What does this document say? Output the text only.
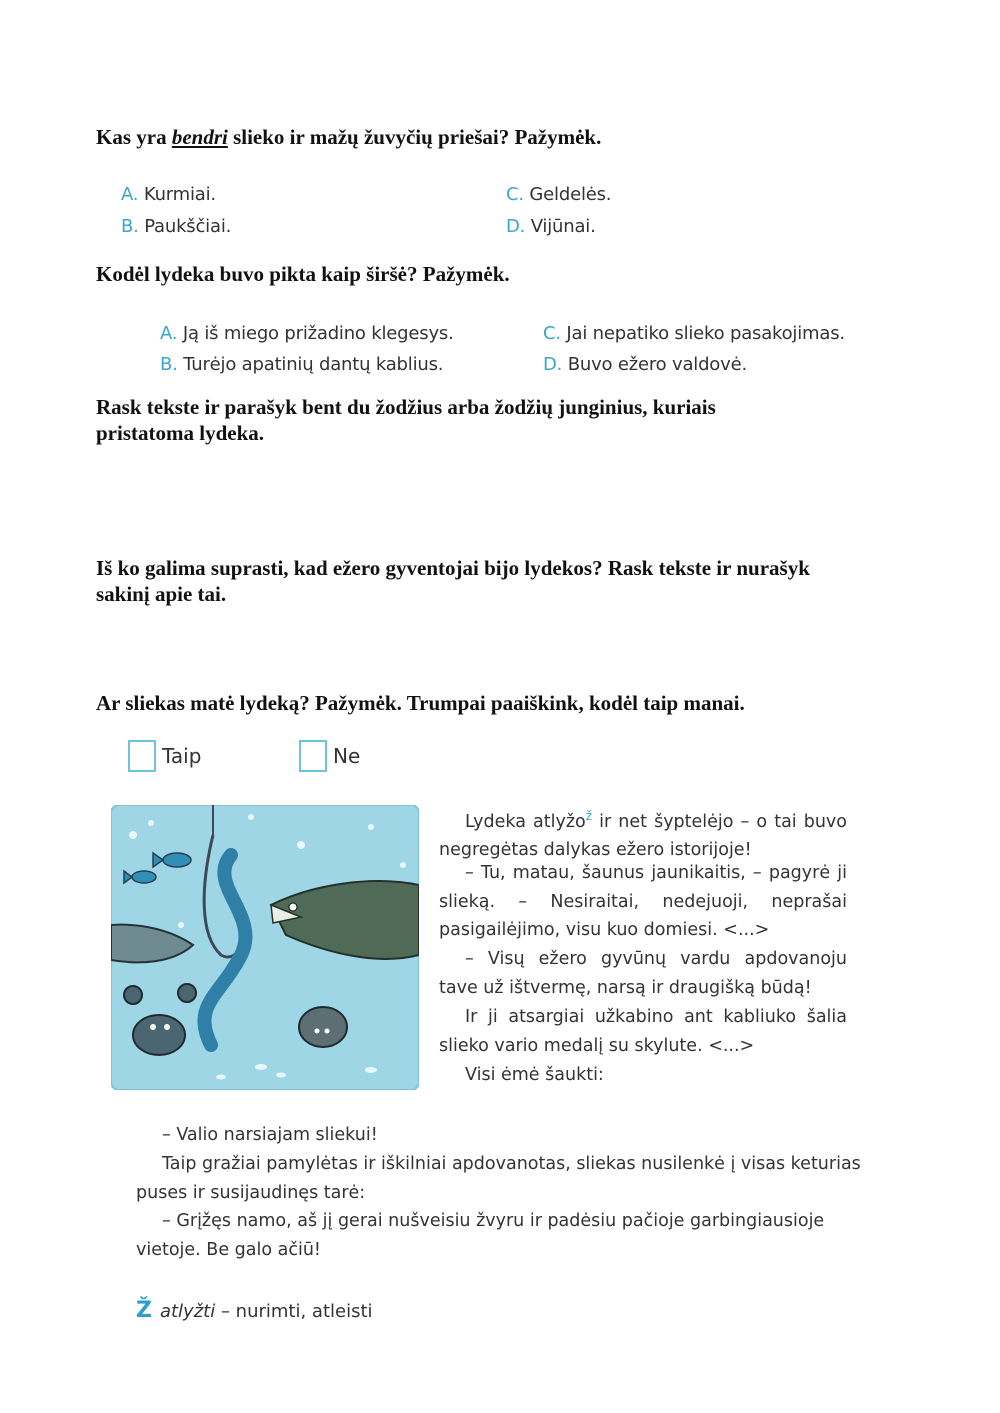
Kas yra bendri slieko ir mažų žuvyčių priešai? Pažymėk.

A. Kurmiai.
B. Paukščiai.
C. Geldelės.
D. Vijūnai.

Kodėl lydeka buvo pikta kaip širšė? Pažymėk.

A. Ją iš miego prižadino klegesys.
B. Turėjo apatinių dantų kablius.
C. Jai nepatiko slieko pasakojimas.
D. Buvo ežero valdovė.

Rask tekste ir parašyk bent du žodžius arba žodžių junginius, kuriais
pristatoma lydeka.

Iš ko galima suprasti, kad ežero gyventojai bijo lydekos? Rask tekste ir nurašyk
sakinį apie tai.

Ar sliekas matė lydeką? Pažymėk. Trumpai paaiškink, kodėl taip manai.

Taip	Ne
Lydeka atlyžo$^ž$ ir net šyptelėjo – o tai buvo negregėtas dalykas ežero istorijoje!

– Tu, matau, šaunus jaunikaitis, – pagyrė ji slieką. – Nesiraitai, nedejuoji, neprašai pasigailėjimo, visu kuo domiesi. <...>

– Visų ežero gyvūnų vardu apdovanoju tave už ištvermę, narsą ir draugišką būdą!

Ir ji atsargiai užkabino ant kabliuko šalia slieko vario medalį su skylute. <...>

Visi ėmė šaukti:

– Valio narsiajam sliekui!

Taip gražiai pamylėtas ir iškilniai apdovanotas, sliekas nusilenkė į visas keturias puses ir susijaudinęs tarė:

– Grįžęs namo, aš jį gerai nušveisiu žvyru ir padėsiu pačioje garbingiausioje vietoje. Be galo ačiū!

Ž atlyžti – nurimti, atleisti
